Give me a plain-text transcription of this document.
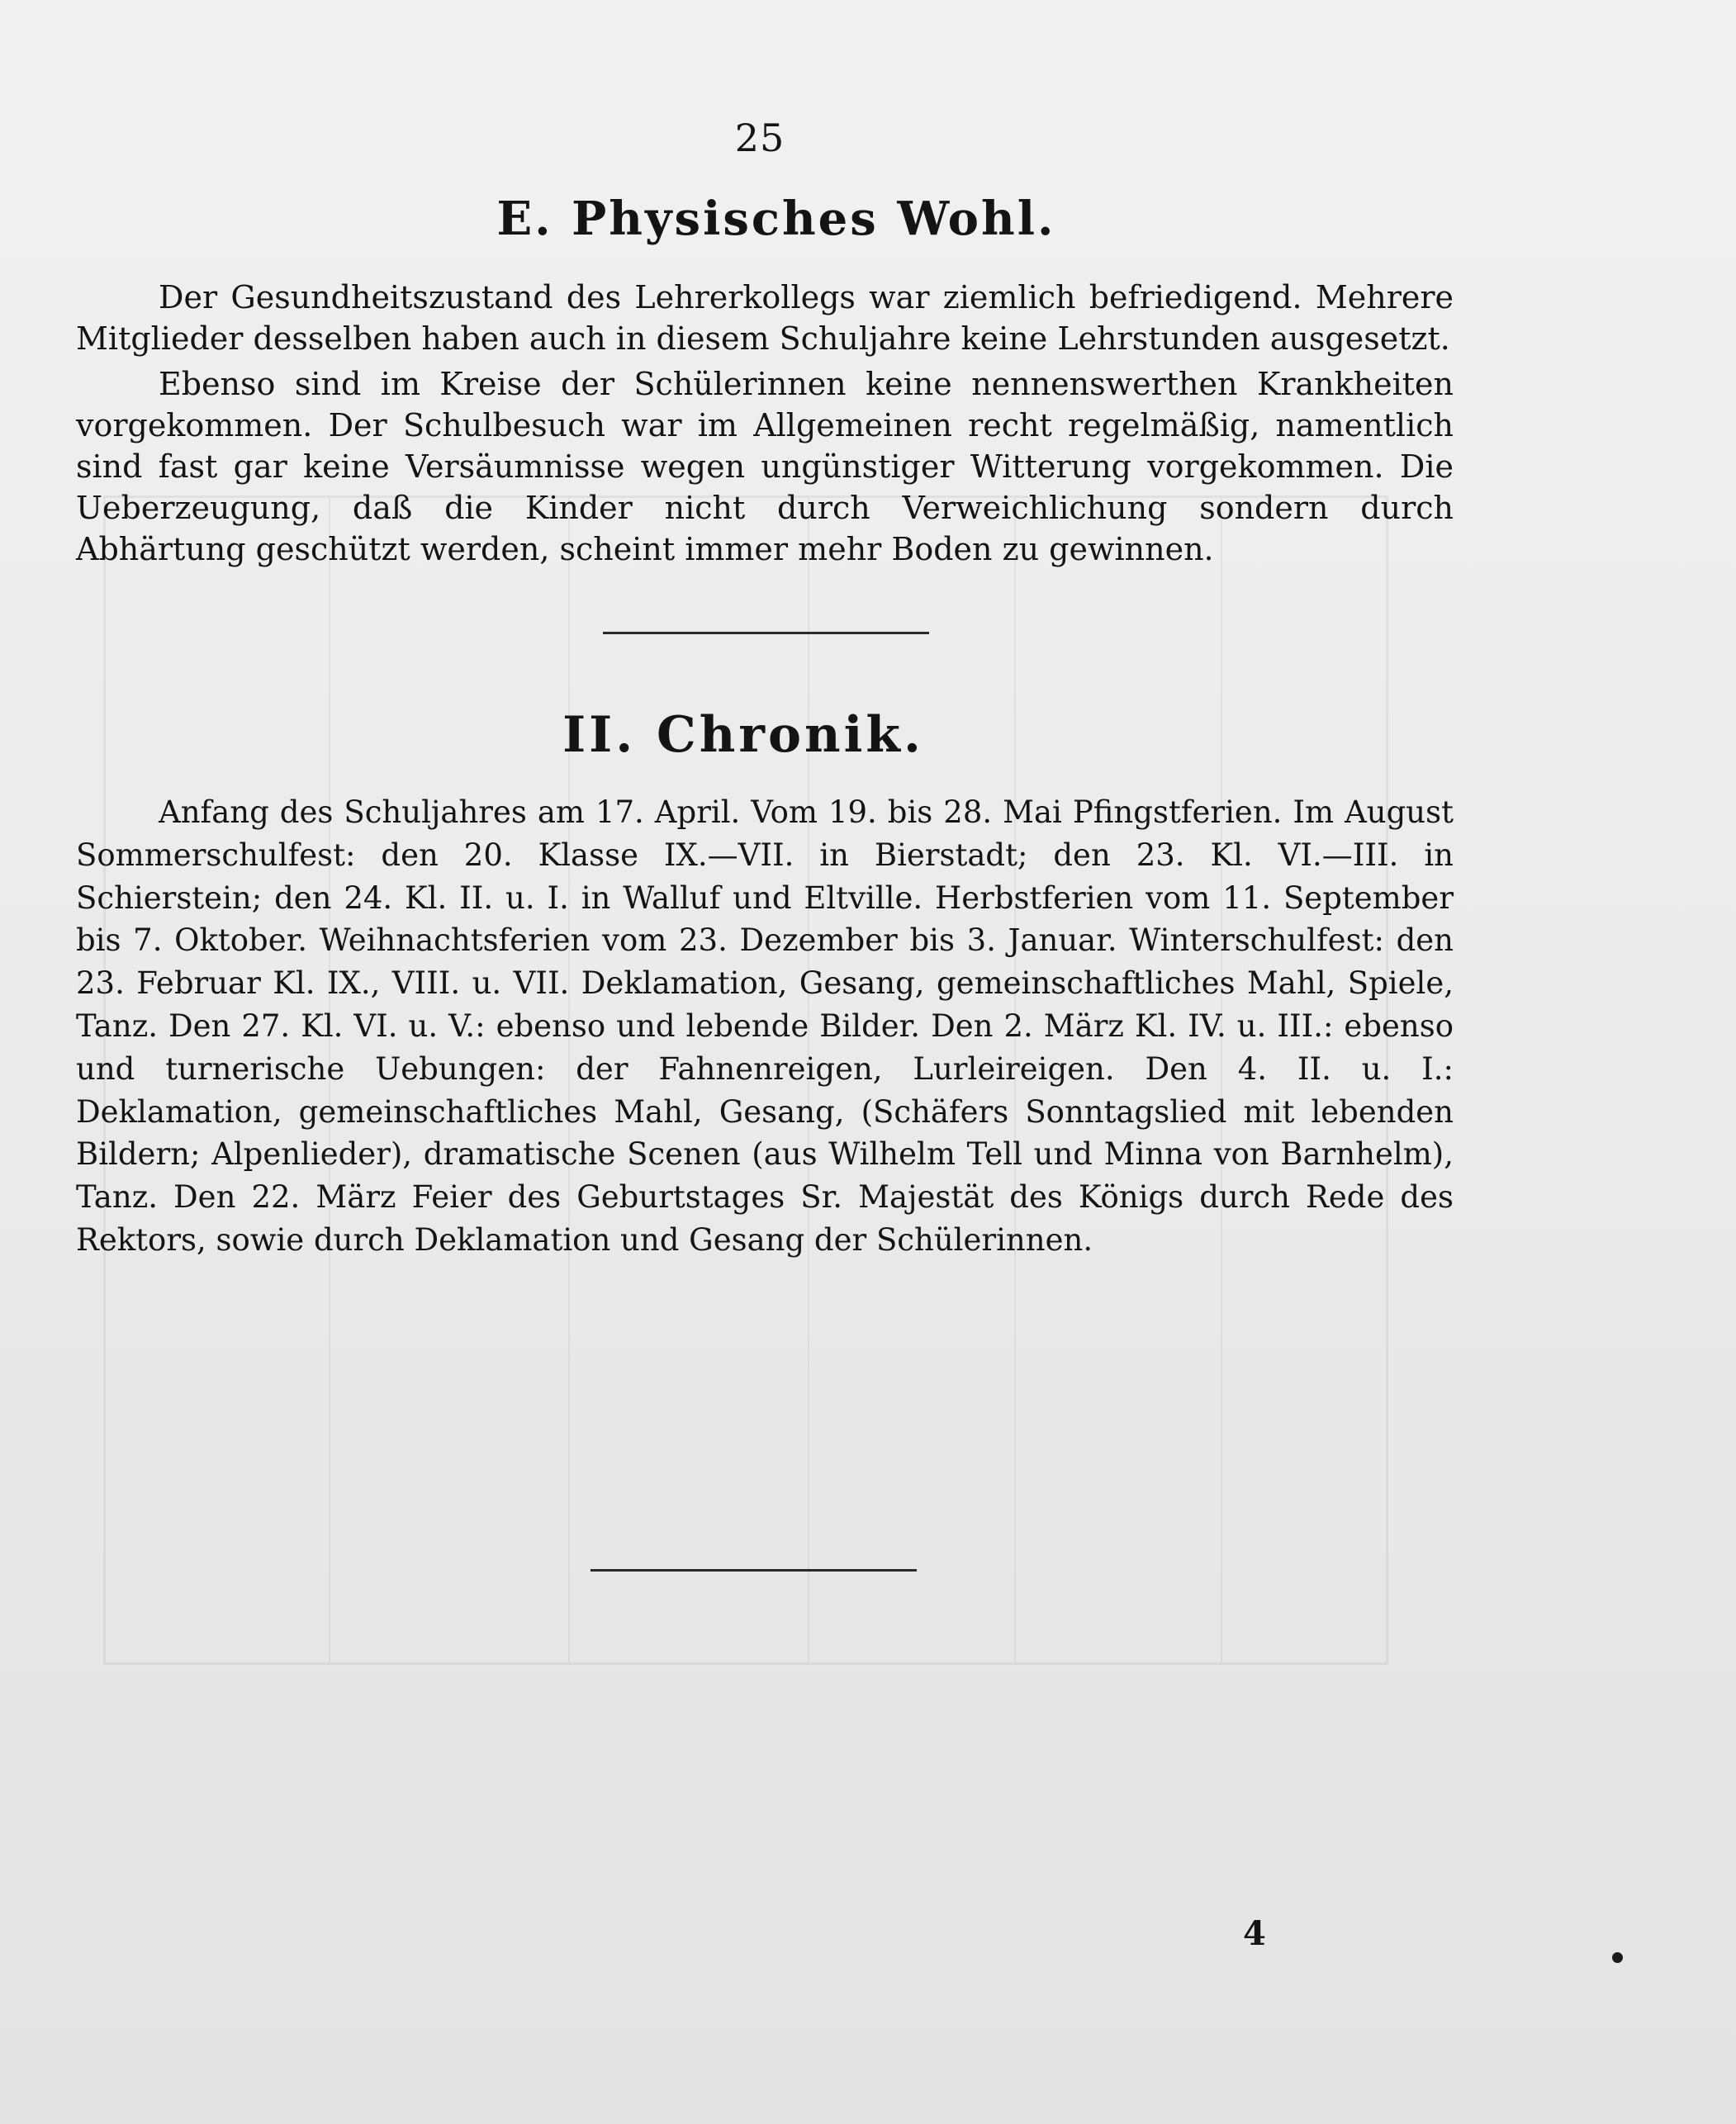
25
E. Physisches Wohl.

Der Gesundheitszustand des Lehrerkollegs war ziemlich befriedigend. Mehrere Mitglieder desselben haben auch in diesem Schuljahre keine Lehrstunden ausgesetzt.

Ebenso sind im Kreise der Schülerinnen keine nennenswerthen Krankheiten vorgekommen. Der Schulbesuch war im Allgemeinen recht regelmäßig, namentlich sind fast gar keine Versäumnisse wegen ungünstiger Witterung vorgekommen. Die Ueberzeugung, daß die Kinder nicht durch Verweichlichung sondern durch Abhärtung geschützt werden, scheint immer mehr Boden zu gewinnen.

II. Chronik.

Anfang des Schuljahres am 17. April. Vom 19. bis 28. Mai Pfingstferien. Im August Sommerschulfest: den 20. Klasse IX.—VII. in Bierstadt; den 23. Kl. VI.—III. in Schierstein; den 24. Kl. II. u. I. in Walluf und Eltville. Herbstferien vom 11. September bis 7. Oktober. Weihnachtsferien vom 23. Dezember bis 3. Januar. Winterschulfest: den 23. Februar Kl. IX., VIII. u. VII. Deklamation, Gesang, gemeinschaftliches Mahl, Spiele, Tanz. Den 27. Kl. VI. u. V.: ebenso und lebende Bilder. Den 2. März Kl. IV. u. III.: ebenso und turnerische Uebungen: der Fahnenreigen, Lurleireigen. Den 4. II. u. I.: Deklamation, gemeinschaftliches Mahl, Gesang, (Schäfers Sonntagslied mit lebenden Bildern; Alpenlieder), dramatische Scenen (aus Wilhelm Tell und Minna von Barnhelm), Tanz. Den 22. März Feier des Geburtstages Sr. Majestät des Königs durch Rede des Rektors, sowie durch Deklamation und Gesang der Schülerinnen.

4
